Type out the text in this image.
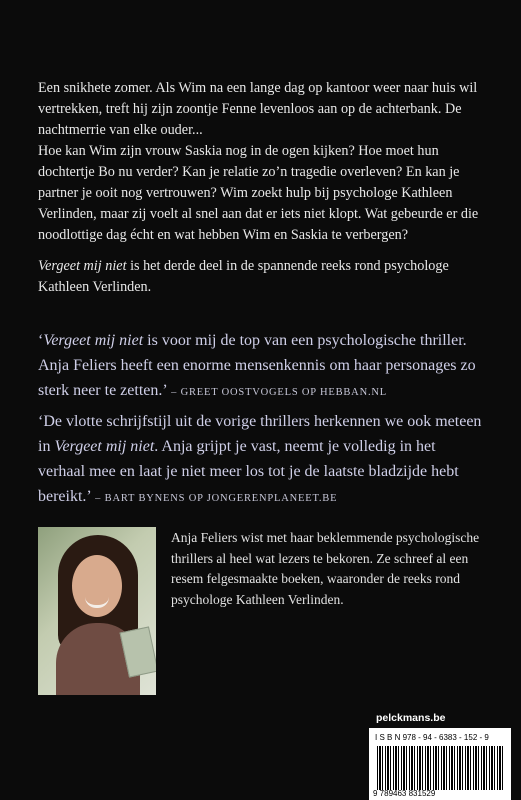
Een snikhete zomer. Als Wim na een lange dag op kantoor weer naar huis wil vertrekken, treft hij zijn zoontje Fenne levenloos aan op de achterbank. De nachtmerrie van elke ouder...

Hoe kan Wim zijn vrouw Saskia nog in de ogen kijken? Hoe moet hun dochtertje Bo nu verder? Kan je relatie zo’n tragedie overleven? En kan je partner je ooit nog vertrouwen? Wim zoekt hulp bij psychologe Kathleen Verlinden, maar zij voelt al snel aan dat er iets niet klopt. Wat gebeurde er die noodlottige dag écht en wat hebben Wim en Saskia te verbergen?

Vergeet mij niet is het derde deel in de spannende reeks rond psychologe Kathleen Verlinden.

‘Vergeet mij niet is voor mij de top van een psychologische thriller. Anja Feliers heeft een enorme mensenkennis om haar personages zo sterk neer te zetten.’ – GREET OOSTVOGELS OP HEBBAN.NL
‘De vlotte schrijfstijl uit de vorige thrillers herkennen we ook meteen in Vergeet mij niet. Anja grijpt je vast, neemt je volledig in het verhaal mee en laat je niet meer los tot je de laatste bladzijde hebt bereikt.’ – BART BYNENS OP JONGERENPLANEET.BE
Anja Feliers wist met haar beklemmende psychologische thrillers al heel wat lezers te bekoren. Ze schreef al een resem felgesmaakte boeken, waaronder de reeks rond psychologe Kathleen Verlinden.
pelckmans.be
I S B N 978 - 94 - 6383 - 152 - 9
9 789463 831529
